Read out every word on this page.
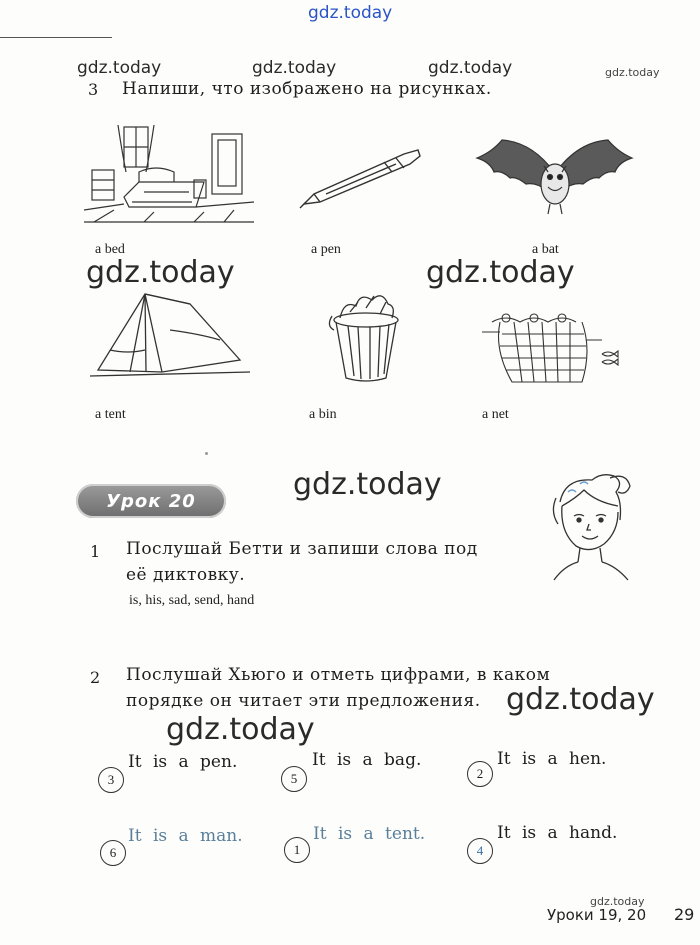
gdz.today
gdz.today	gdz.today	gdz.today	gdz.today
3 Напиши, что изображено на рисунках.
a bed	a pen	a bat
gdz.today	gdz.today
a tent	a bin	a net
Урок 20	gdz.today
1 Послушай Бетти и запиши слова под
её диктовку.
is, his, sad, send, hand
2 Послушай Хьюго и отметь цифрами, в каком
порядке он читает эти предложения. gdz.today
gdz.today
It is a pen.
3
It is a bag.
5
It is a hen.
2
It is a man.
6
It is a tent.
1
It is a hand.
4
gdz.today
Уроки 19, 20 29
